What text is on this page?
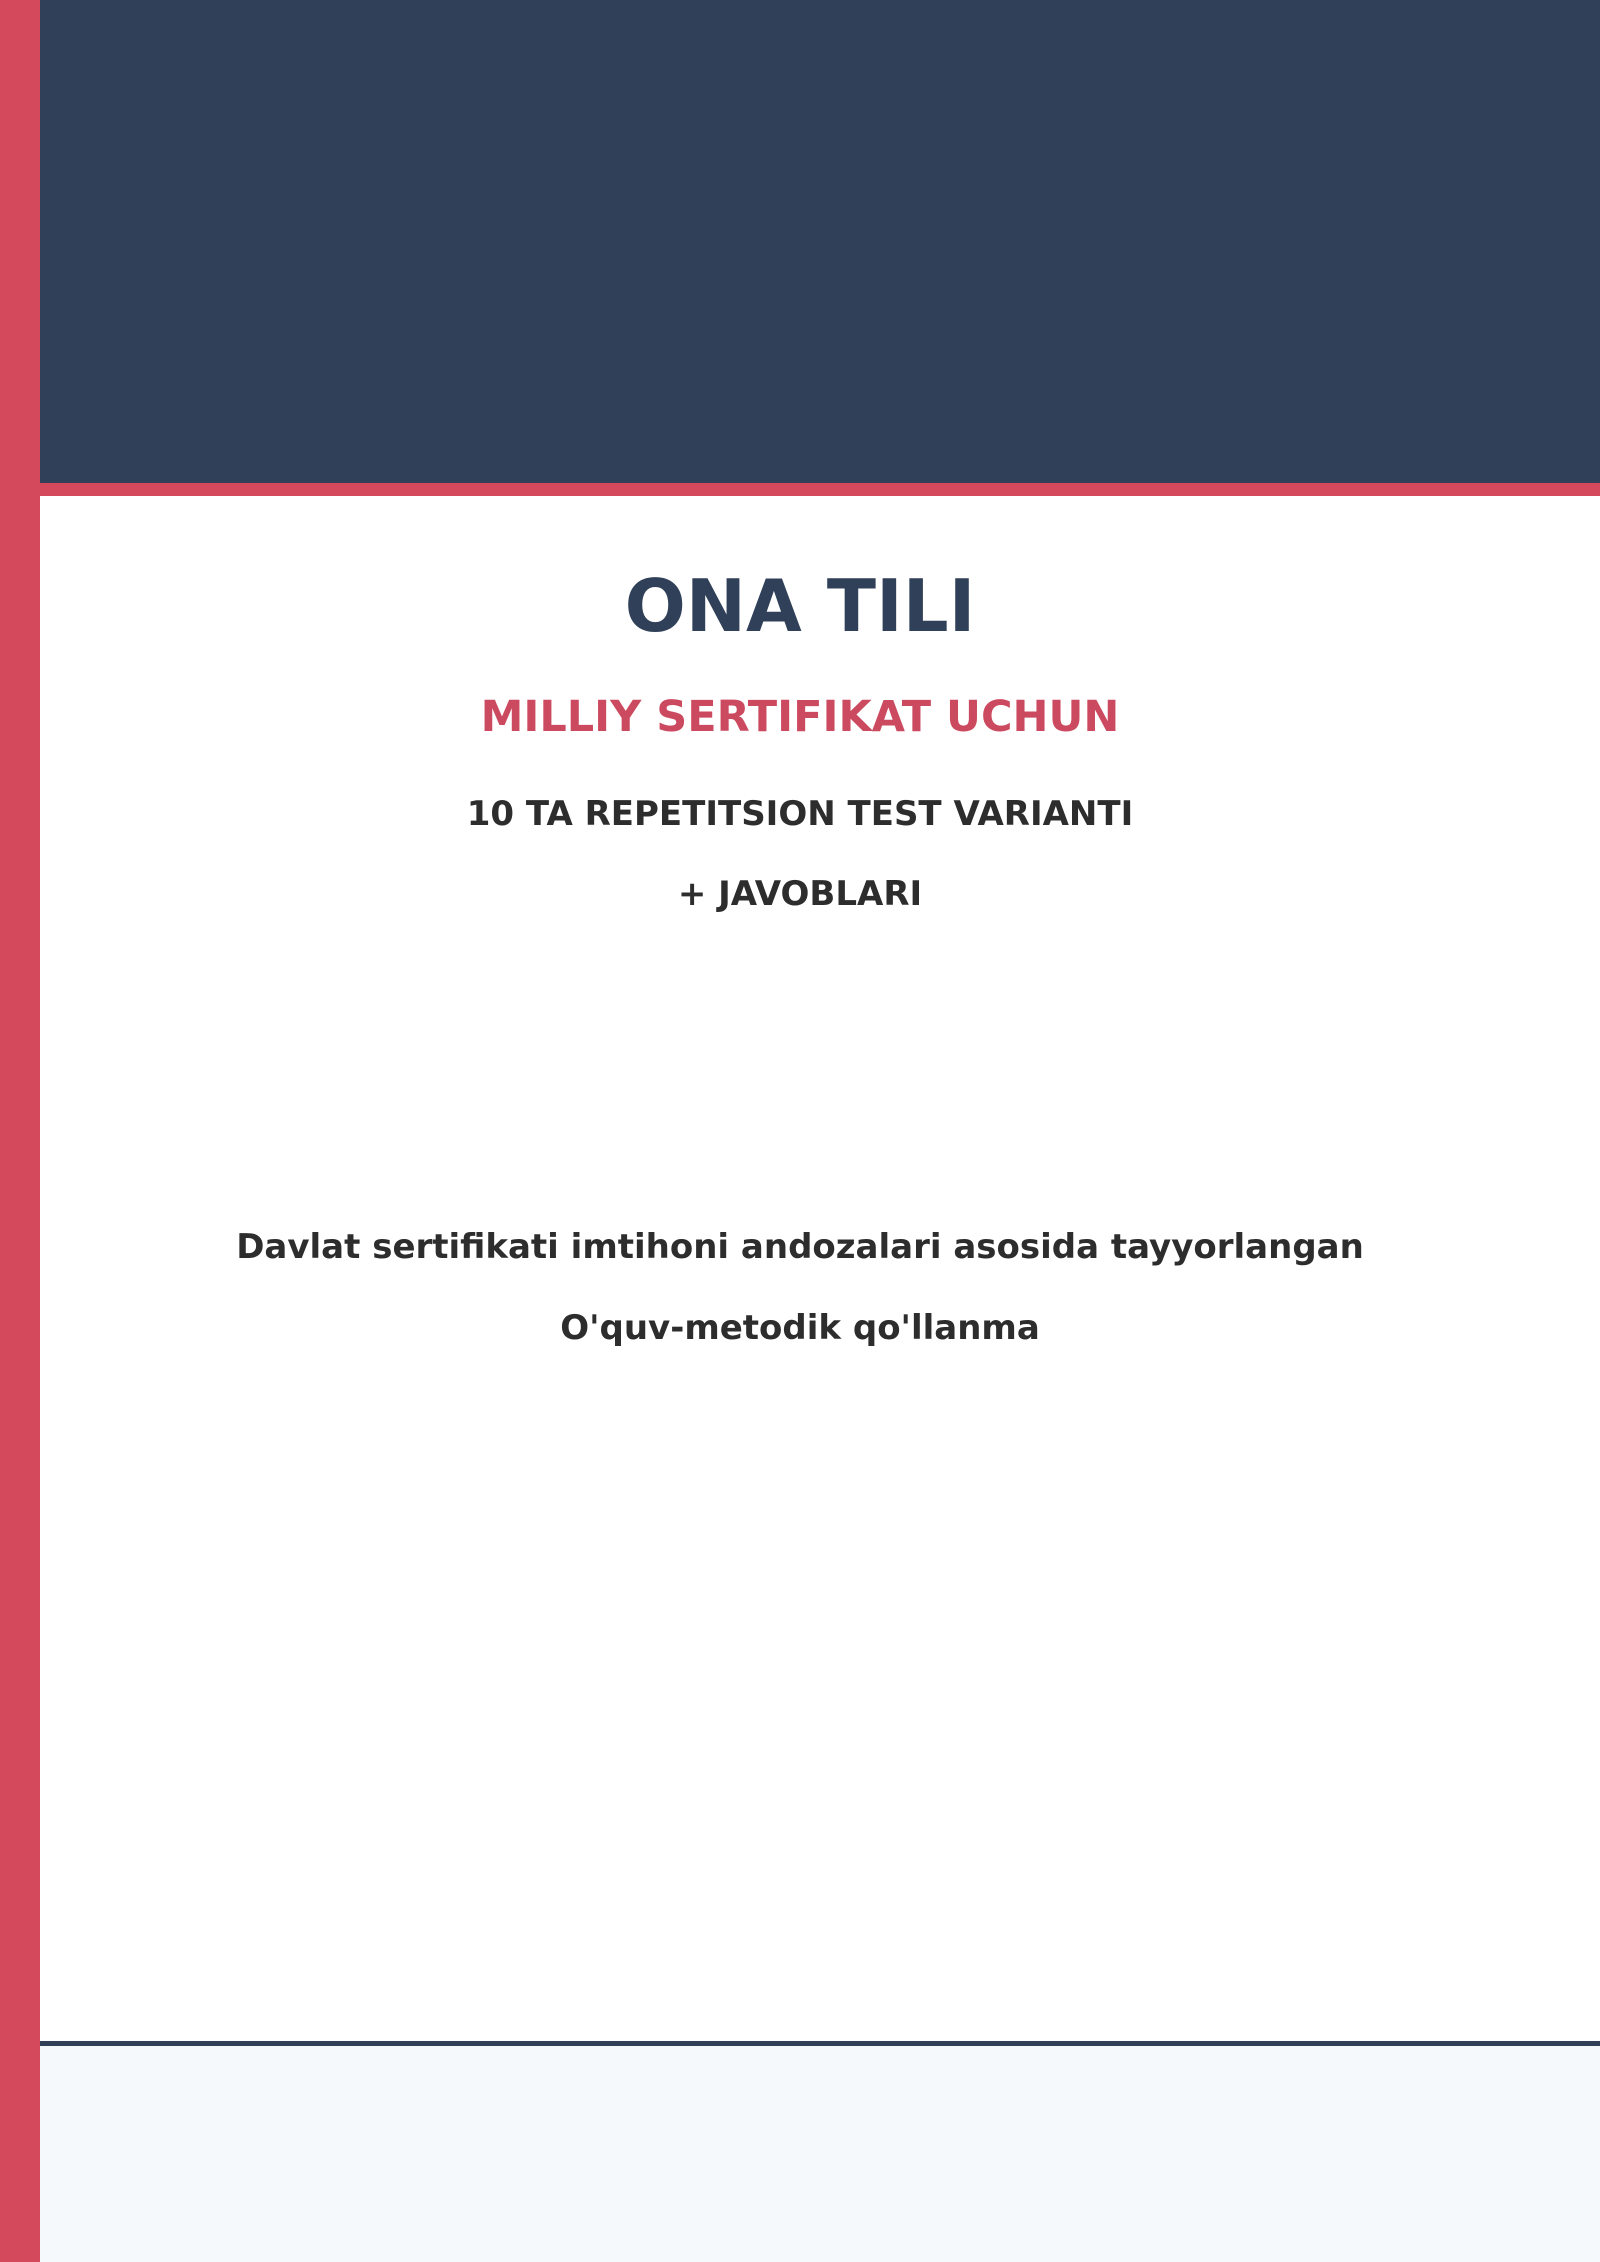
ONA TILI
MILLIY SERTIFIKAT UCHUN
10 TA REPETITSION TEST VARIANTI
+ JAVOBLARI
Davlat sertifikati imtihoni andozalari asosida tayyorlangan
O'quv-metodik qo'llanma
